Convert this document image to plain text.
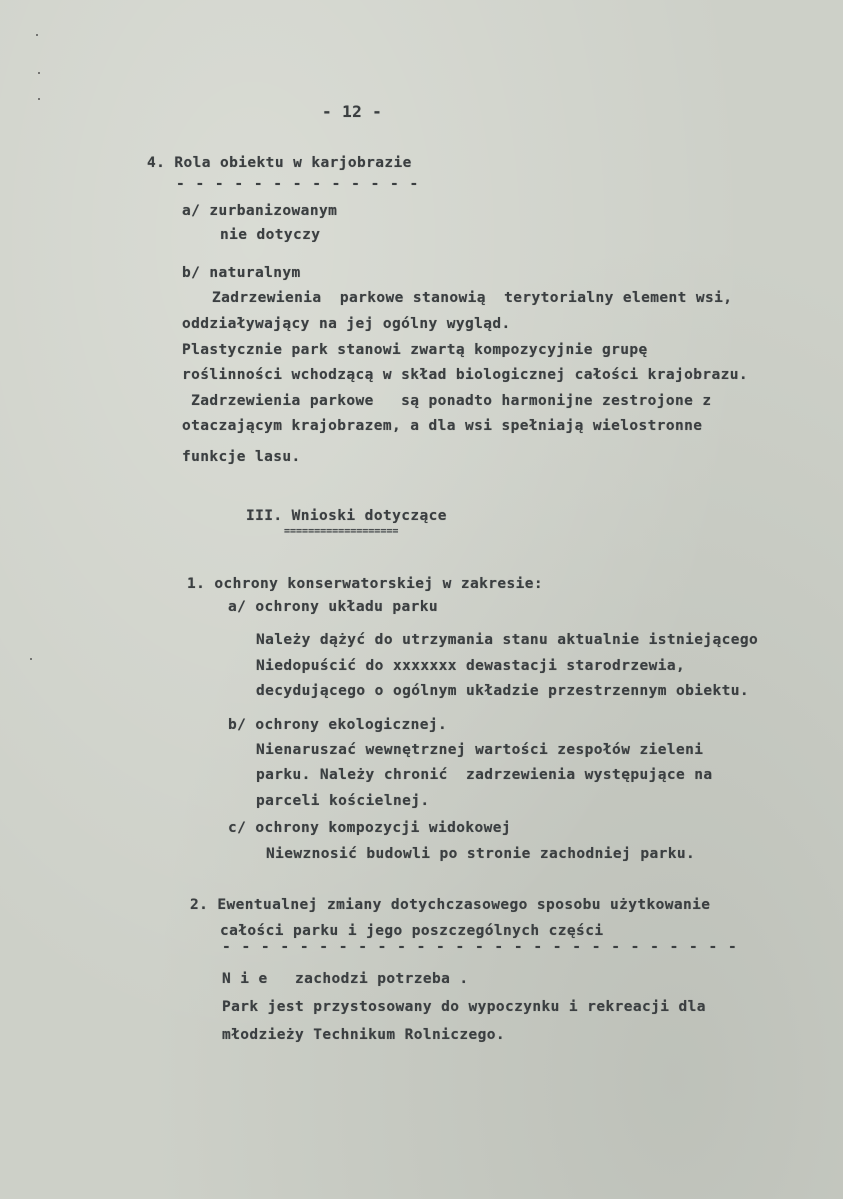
- 12 -
4. Rola obiektu w karjobrazie
- - - - - - - - - - - - -
a/ zurbanizowanym
nie dotyczy
b/ naturalnym
Zadrzewienia  parkowe stanowią  terytorialny element wsi,
oddziaływający na jej ogólny wygląd.
Plastycznie park stanowi zwartą kompozycyjnie grupę
roślinności wchodzącą w skład biologicznej całości krajobrazu.
Zadrzewienia parkowe   są ponadto harmonijne zestrojone z
otaczającym krajobrazem, a dla wsi spełniają wielostronne
funkcje lasu.
III. Wnioski dotyczące
===================
1. ochrony konserwatorskiej w zakresie:
a/ ochrony układu parku
Należy dążyć do utrzymania stanu aktualnie istniejącego
Niedopuścić do xxxxxxx dewastacji starodrzewia,
decydującego o ogólnym układzie przestrzennym obiektu.
b/ ochrony ekologicznej.
Nienaruszać wewnętrznej wartości zespołów zieleni
parku. Należy chronić  zadrzewienia występujące na
parceli kościelnej.
c/ ochrony kompozycji widokowej
Niewznosić budowli po stronie zachodniej parku.
2. Ewentualnej zmiany dotychczasowego sposobu użytkowanie
całości parku i jego poszczególnych części
- - - - - - - - - - - - - - - - - - - - - - - - - - -
N i e   zachodzi potrzeba .
Park jest przystosowany do wypoczynku i rekreacji dla
młodzieży Technikum Rolniczego.
